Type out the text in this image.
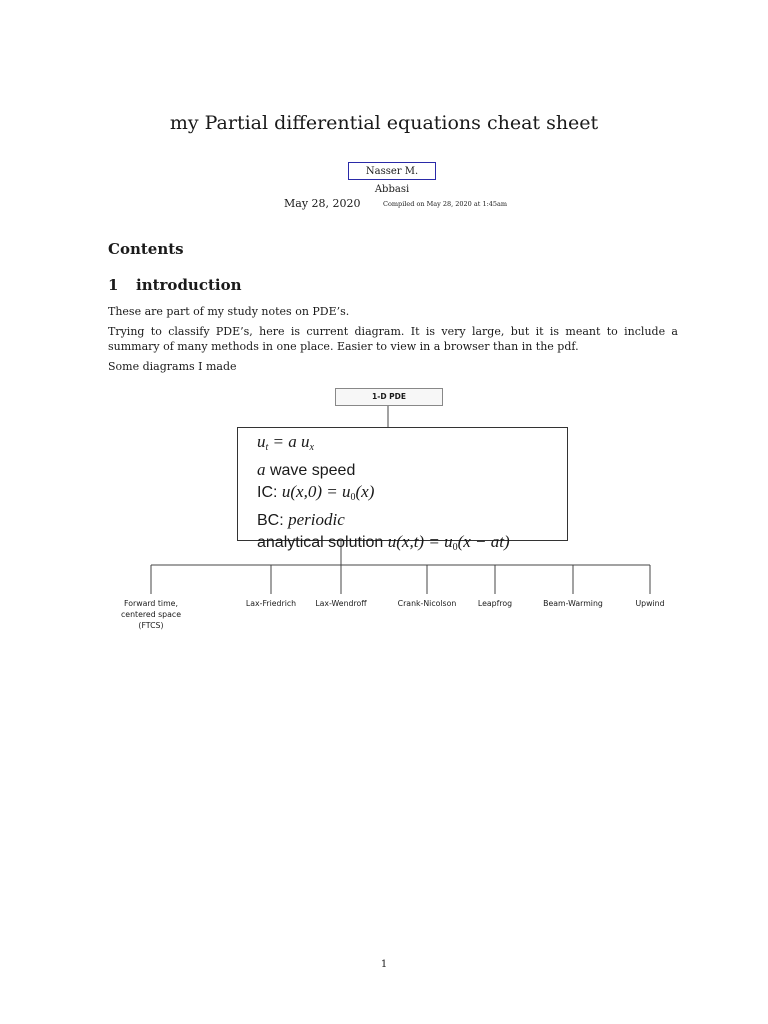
my Partial differential equations cheat sheet
Nasser M. Abbasi
May 28, 2020	Compiled on May 28, 2020 at 1:45am
Contents
1 introduction
These are part of my study notes on PDE’s.
Trying to classify PDE’s, here is current diagram. It is very large, but it is meant to include a summary of many methods in one place. Easier to view in a browser than in the pdf.
Some diagrams I made
1-D PDE
$u_t = a$ $u_x$
a wave speed
IC: $u(x,0) = u_0(x)$
BC: periodic
analytical solution $u(x,t) = u_0(x - at)$
Forward time, centered space (FTCS)
Lax-Friedrich	Lax-Wendroff	Crank-Nicolson	Leapfrog	Beam-Warming	Upwind
1
